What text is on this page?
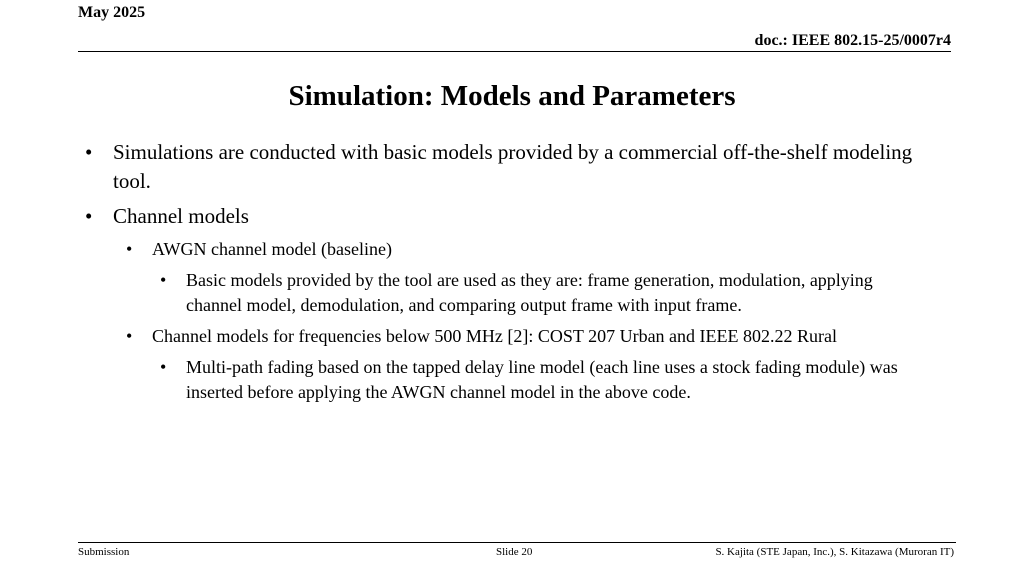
May 2025
doc.: IEEE 802.15-25/0007r4
Simulation: Models and Parameters
• Simulations are conducted with basic models provided by a commercial off-the-shelf modeling tool.
• Channel models
• AWGN channel model (baseline)
• Basic models provided by the tool are used as they are: frame generation, modulation, applying channel model, demodulation, and comparing output frame with input frame.
• Channel models for frequencies below 500 MHz [2]: COST 207 Urban and IEEE 802.22 Rural
• Multi-path fading based on the tapped delay line model (each line uses a stock fading module) was inserted before applying the AWGN channel model in the above code.
Submission	Slide 20	S. Kajita (STE Japan, Inc.), S. Kitazawa (Muroran IT)
